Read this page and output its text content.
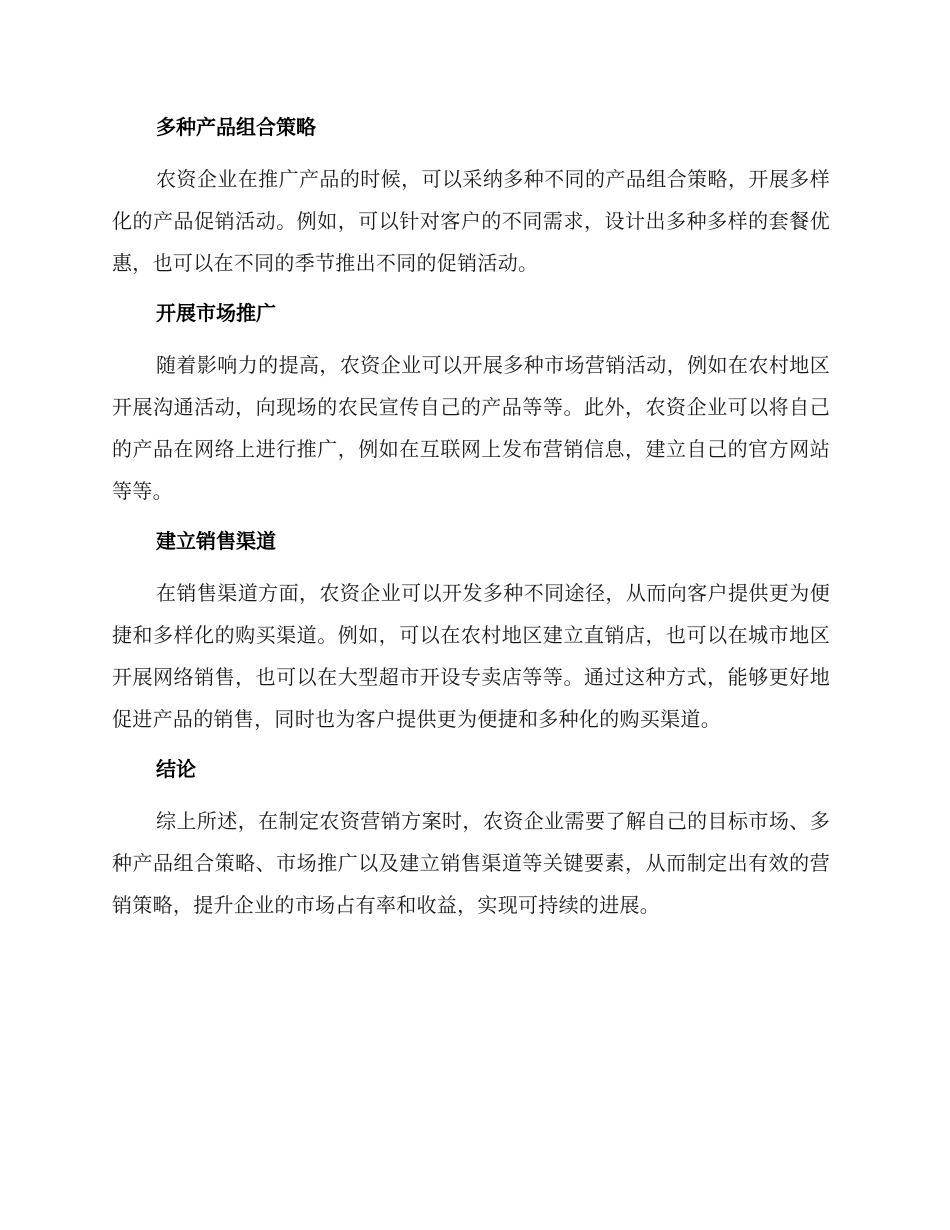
多种产品组合策略

农资企业在推广产品的时候，可以采纳多种不同的产品组合策略，开展多样化的产品促销活动。例如，可以针对客户的不同需求，设计出多种多样的套餐优惠，也可以在不同的季节推出不同的促销活动。

开展市场推广

随着影响力的提高，农资企业可以开展多种市场营销活动，例如在农村地区开展沟通活动，向现场的农民宣传自己的产品等等。此外，农资企业可以将自己的产品在网络上进行推广，例如在互联网上发布营销信息，建立自己的官方网站等等。

建立销售渠道

在销售渠道方面，农资企业可以开发多种不同途径，从而向客户提供更为便捷和多样化的购买渠道。例如，可以在农村地区建立直销店，也可以在城市地区开展网络销售，也可以在大型超市开设专卖店等等。通过这种方式，能够更好地促进产品的销售，同时也为客户提供更为便捷和多种化的购买渠道。

结论

综上所述，在制定农资营销方案时，农资企业需要了解自己的目标市场、多种产品组合策略、市场推广以及建立销售渠道等关键要素，从而制定出有效的营销策略，提升企业的市场占有率和收益，实现可持续的进展。
